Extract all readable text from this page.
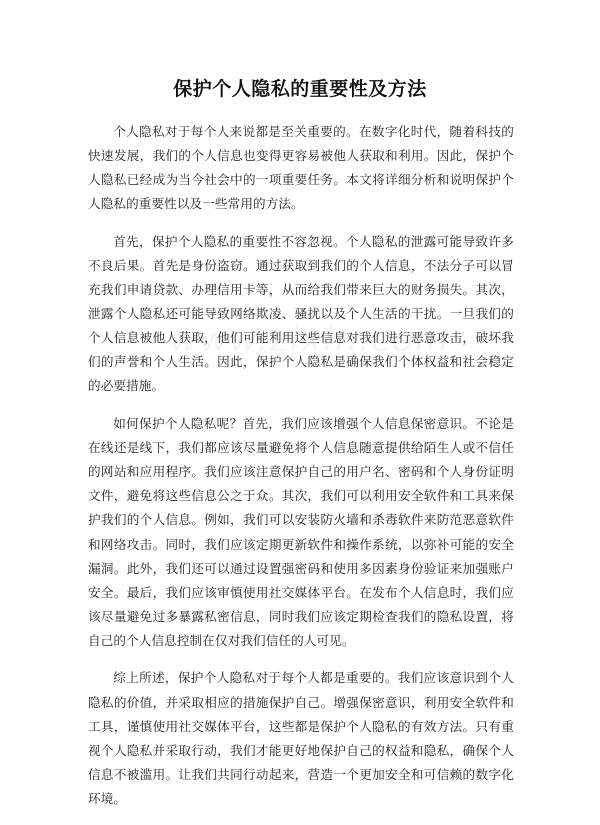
保护个人隐私的重要性及方法

个人隐私对于每个人来说都是至关重要的。在数字化时代，随着科技的快速发展，我们的个人信息也变得更容易被他人获取和利用。因此，保护个人隐私已经成为当今社会中的一项重要任务。本文将详细分析和说明保护个人隐私的重要性以及一些常用的方法。

首先，保护个人隐私的重要性不容忽视。个人隐私的泄露可能导致许多不良后果。首先是身份盗窃。通过获取到我们的个人信息，不法分子可以冒充我们申请贷款、办理信用卡等，从而给我们带来巨大的财务损失。其次，泄露个人隐私还可能导致网络欺凌、骚扰以及个人生活的干扰。一旦我们的个人信息被他人获取，他们可能利用这些信息对我们进行恶意攻击，破坏我们的声誉和个人生活。因此，保护个人隐私是确保我们个体权益和社会稳定的必要措施。

如何保护个人隐私呢？首先，我们应该增强个人信息保密意识。不论是在线还是线下，我们都应该尽量避免将个人信息随意提供给陌生人或不信任的网站和应用程序。我们应该注意保护自己的用户名、密码和个人身份证明文件，避免将这些信息公之于众。其次，我们可以利用安全软件和工具来保护我们的个人信息。例如，我们可以安装防火墙和杀毒软件来防范恶意软件和网络攻击。同时，我们应该定期更新软件和操作系统，以弥补可能的安全漏洞。此外，我们还可以通过设置强密码和使用多因素身份验证来加强账户安全。最后，我们应该审慎使用社交媒体平台。在发布个人信息时，我们应该尽量避免过多暴露私密信息，同时我们应该定期检查我们的隐私设置，将自己的个人信息控制在仅对我们信任的人可见。

综上所述，保护个人隐私对于每个人都是重要的。我们应该意识到个人隐私的价值，并采取相应的措施保护自己。增强保密意识，利用安全软件和工具，谨慎使用社交媒体平台，这些都是保护个人隐私的有效方法。只有重视个人隐私并采取行动，我们才能更好地保护自己的权益和隐私，确保个人信息不被滥用。让我们共同行动起来，营造一个更加安全和可信赖的数字化环境。
